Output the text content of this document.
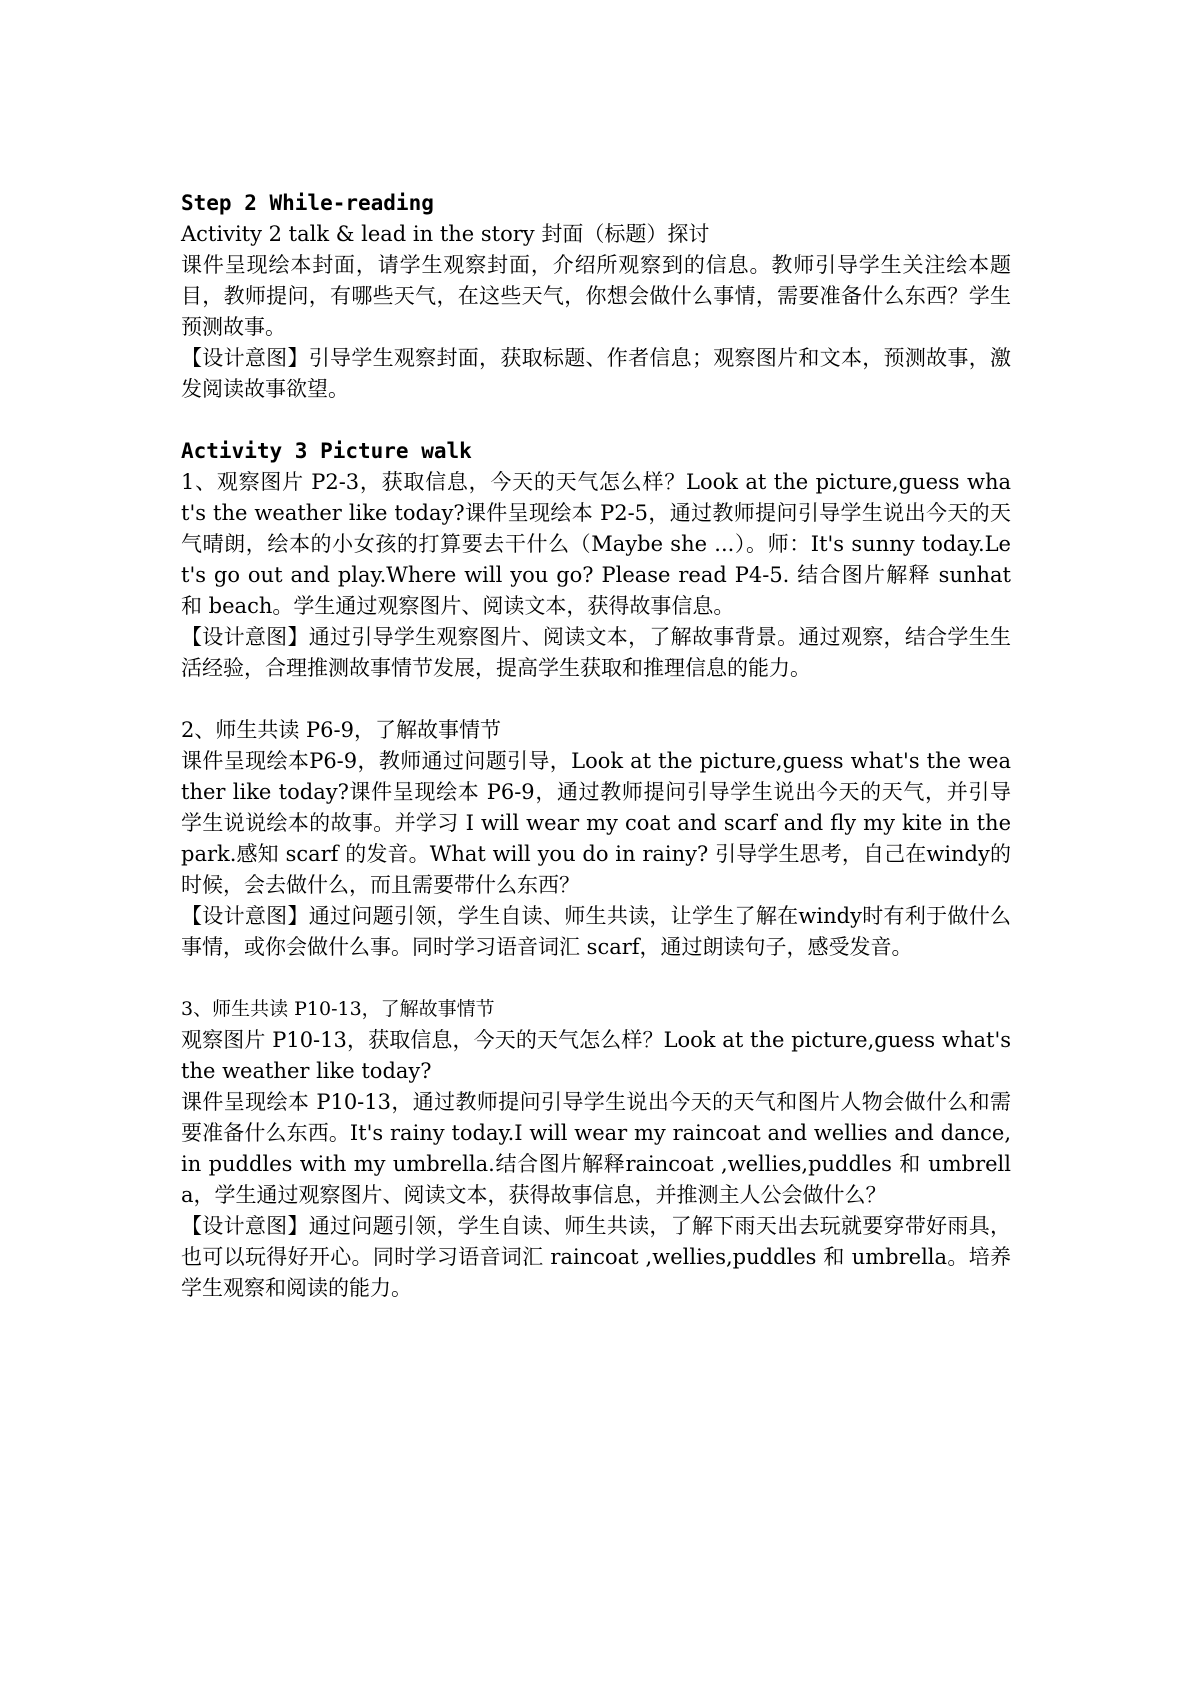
Step 2 While-reading

Activity 2 talk & lead in the story 封面（标题）探讨

课件呈现绘本封面，请学生观察封面，介绍所观察到的信息。教师引导学生关注绘本题目，教师提问，有哪些天气，在这些天气，你想会做什么事情，需要准备什么东西？学生预测故事。

【设计意图】引导学生观察封面，获取标题、作者信息；观察图片和文本，预测故事，激发阅读故事欲望。

Activity 3 Picture walk

1、观察图片 P2-3，获取信息，今天的天气怎么样？Look at the picture,guess what's the weather like today?课件呈现绘本 P2-5，通过教师提问引导学生说出今天的天气晴朗，绘本的小女孩的打算要去干什么（Maybe she ...）。师：It's sunny today.Let's go out and play.Where will you go? Please read P4-5. 结合图片解释 sunhat 和 beach。学生通过观察图片、阅读文本，获得故事信息。

【设计意图】通过引导学生观察图片、阅读文本，了解故事背景。通过观察，结合学生生活经验，合理推测故事情节发展，提高学生获取和推理信息的能力。

2、师生共读 P6-9，了解故事情节

课件呈现绘本P6-9，教师通过问题引导，Look at the picture,guess what's the weather like today?课件呈现绘本 P6-9，通过教师提问引导学生说出今天的天气，并引导学生说说绘本的故事。并学习 I will wear my coat and scarf and fly my kite in the park.感知 scarf 的发音。What will you do in rainy? 引导学生思考，自己在windy的时候，会去做什么，而且需要带什么东西？

【设计意图】通过问题引领，学生自读、师生共读，让学生了解在windy时有利于做什么事情，或你会做什么事。同时学习语音词汇 scarf，通过朗读句子，感受发音。

3、师生共读 P10-13，了解故事情节

观察图片 P10-13，获取信息，今天的天气怎么样？Look at the picture,guess what's the weather like today?

课件呈现绘本 P10-13，通过教师提问引导学生说出今天的天气和图片人物会做什么和需要准备什么东西。It's rainy today.I will wear my raincoat and wellies and dance,in puddles with my umbrella.结合图片解释raincoat ,wellies,puddles 和 umbrella，学生通过观察图片、阅读文本，获得故事信息，并推测主人公会做什么？

【设计意图】通过问题引领，学生自读、师生共读，了解下雨天出去玩就要穿带好雨具，也可以玩得好开心。同时学习语音词汇 raincoat ,wellies,puddles 和 umbrella。培养学生观察和阅读的能力。
